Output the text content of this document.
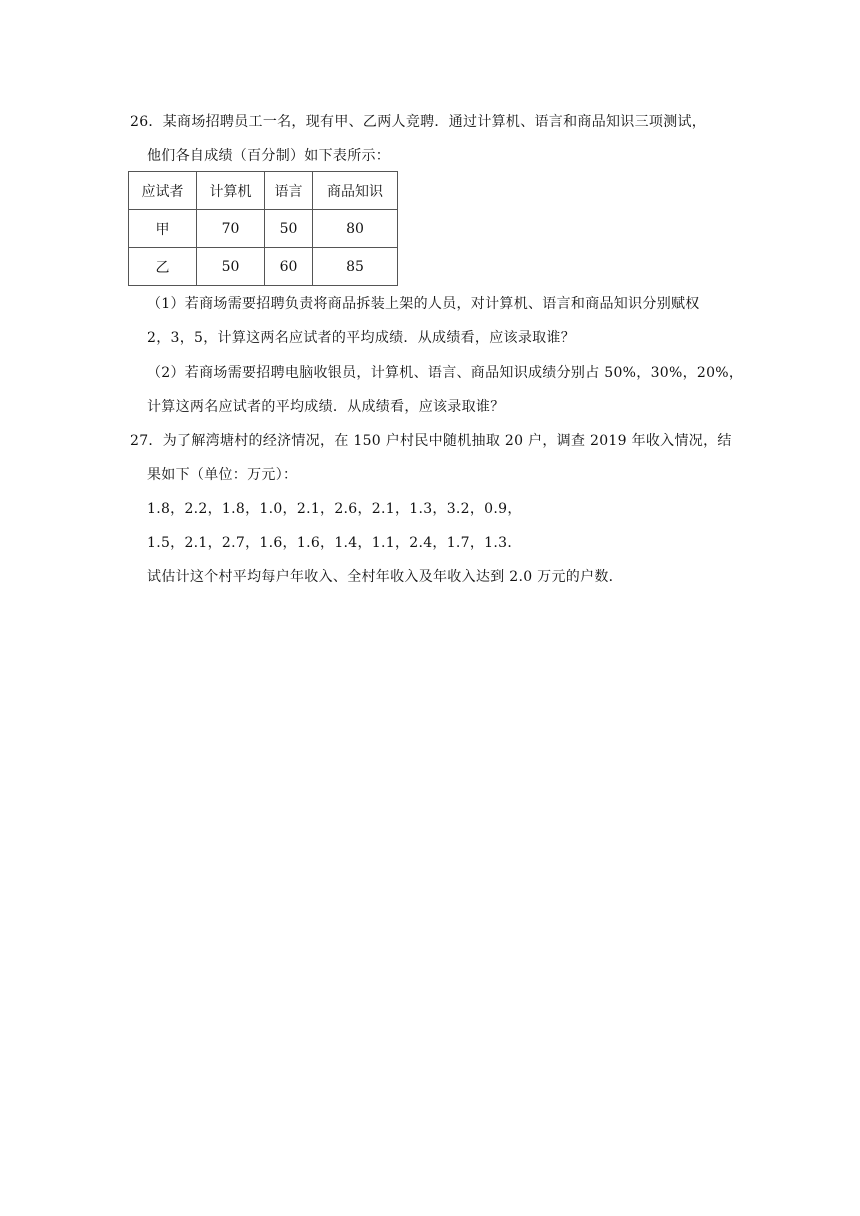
26．某商场招聘员工一名，现有甲、乙两人竞聘．通过计算机、语言和商品知识三项测试，
他们各自成绩（百分制）如下表所示：
应试者	计算机	语言	商品知识
甲	70	50	80
乙	50	60	85
（1）若商场需要招聘负责将商品拆装上架的人员，对计算机、语言和商品知识分别赋权
2，3，5，计算这两名应试者的平均成绩．从成绩看，应该录取谁？
（2）若商场需要招聘电脑收银员，计算机、语言、商品知识成绩分别占 50%，30%，20%，
计算这两名应试者的平均成绩．从成绩看，应该录取谁？
27．为了解湾塘村的经济情况，在 150 户村民中随机抽取 20 户，调查 2019 年收入情况，结
果如下（单位：万元）：
1.8，2.2，1.8，1.0，2.1，2.6，2.1，1.3，3.2，0.9，
1.5，2.1，2.7，1.6，1.6，1.4，1.1，2.4，1.7，1.3．
试估计这个村平均每户年收入、全村年收入及年收入达到 2.0 万元的户数．
